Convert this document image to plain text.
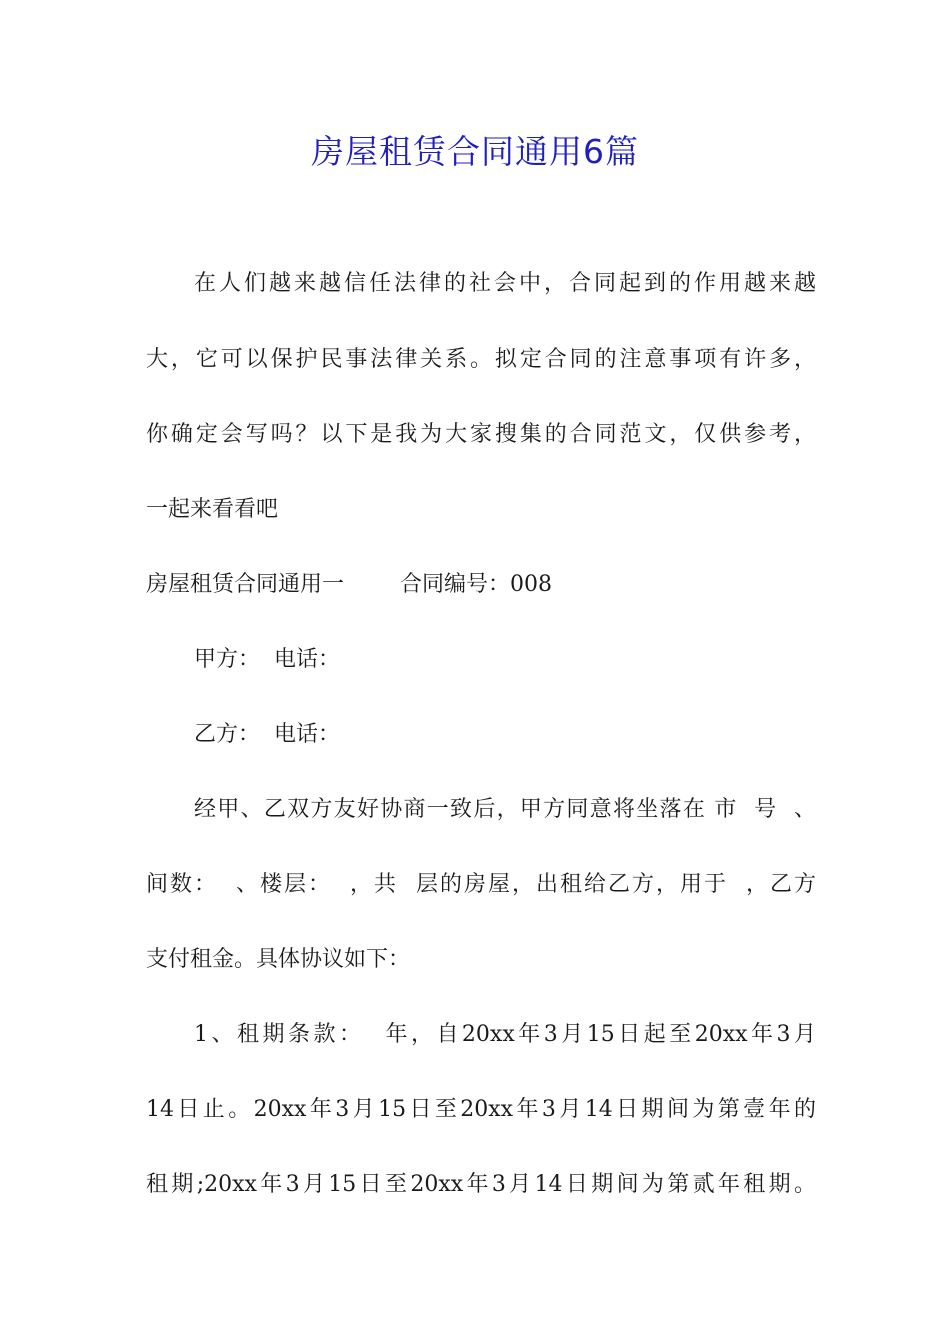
房屋租赁合同通用6篇
在人们越来越信任法律的社会中，合同起到的作用越来越
大，它可以保护民事法律关系。拟定合同的注意事项有许多，
你确定会写吗？以下是我为大家搜集的合同范文，仅供参考，
一起来看看吧
房屋租赁合同通用一        合同编号：008
甲方：  电话：
乙方：  电话：
经甲、乙双方友好协商一致后，甲方同意将坐落在 市  号  、
间数：  、楼层：  ，共  层的房屋，出租给乙方，用于  ，乙方
支付租金。具体协议如下：
1、租期条款：  年，自20xx年3月15日起至20xx年3月
14日止。20xx年3月15日至20xx年3月14日期间为第壹年的
租期;20xx年3月15日至20xx年3月14日期间为第贰年租期。
